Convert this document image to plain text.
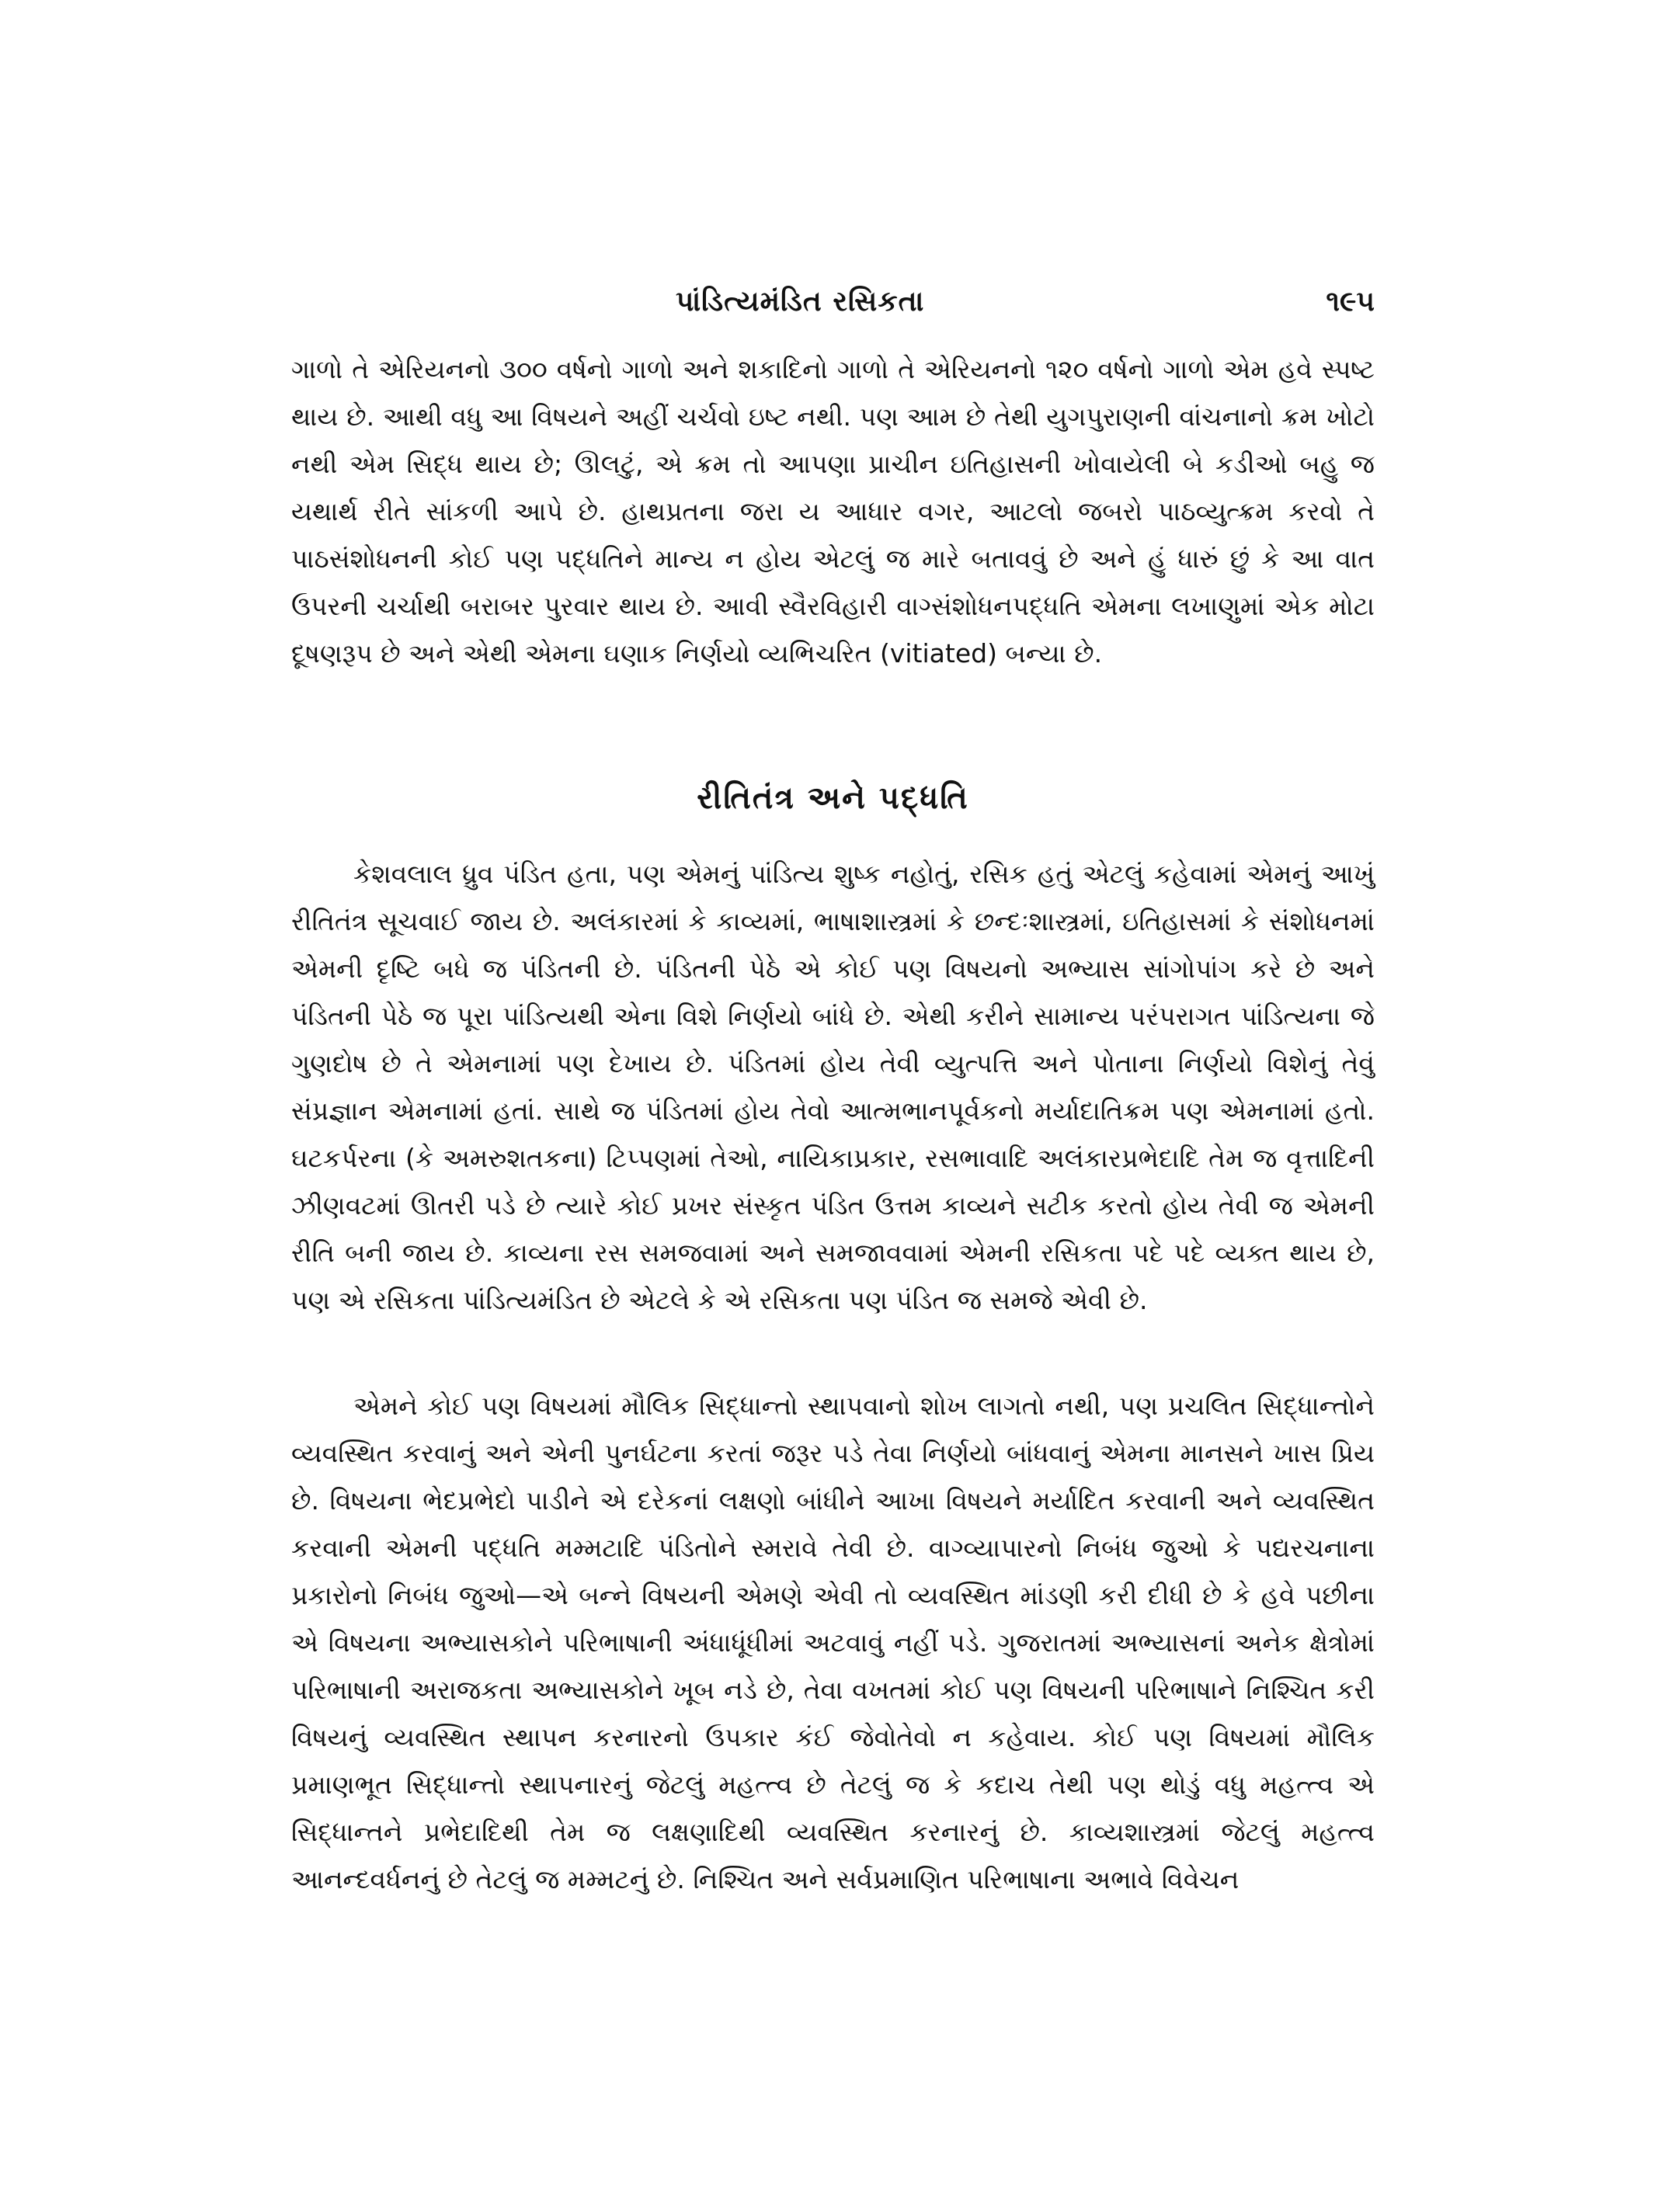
પાંડિત્યમંડિત રસિકતા	૧૯૫

ગાળો તે એરિયનનો ૩૦૦ વર્ષનો ગાળો અને શકાદિનો ગાળો તે એરિયનનો ૧૨૦ વર્ષનો ગાળો એમ હવે સ્પષ્ટ થાય છે. આથી વધુ આ વિષયને અહીં ચર્ચવો ઇષ્ટ નથી. પણ આમ છે તેથી યુગપુરાણની વાંચનાનો ક્રમ ખોટો નથી એમ સિદ્ધ થાય છે; ઊલટું, એ ક્રમ તો આપણા પ્રાચીન ઇતિહાસની ખોવાયેલી બે કડીઓ બહુ જ યથાર્થ રીતે સાંકળી આપે છે. હાથપ્રતના જરા ય આધાર વગર, આટલો જબરો પાઠવ્યુત્ક્રમ કરવો તે પાઠસંશોધનની કોઈ પણ પદ્ધતિને માન્ય ન હોય એટલું જ મારે બતાવવું છે અને હું ધારું છું કે આ વાત ઉપરની ચર્ચાથી બરાબર પુરવાર થાય છે. આવી સ્વૈરવિહારી વાગ્સંશોધનપદ્ધતિ એમના લખાણુમાં એક મોટા દૂષણરૂપ છે અને એથી એમના ઘણાક નિર્ણયો વ્યભિચરિત (vitiated) બન્યા છે.

રીતિતંત્ર અને પદ્ધતિ

કેશવલાલ ધ્રુવ પંડિત હતા, પણ એમનું પાંડિત્ય શુષ્ક નહોતું, રસિક હતું એટલું કહેવામાં એમનું આખું રીતિતંત્ર સૂચવાઈ જાય છે. અલંકારમાં કે કાવ્યમાં, ભાષાશાસ્ત્રમાં કે છન્દઃશાસ્ત્રમાં, ઇતિહાસમાં કે સંશોધનમાં એમની દૃષ્ટિ બધે જ પંડિતની છે. પંડિતની પેઠે એ કોઈ પણ વિષયનો અભ્યાસ સાંગોપાંગ કરે છે અને પંડિતની પેઠે જ પૂરા પાંડિત્યથી એના વિશે નિર્ણયો બાંધે છે. એથી કરીને સામાન્ય પરંપરાગત પાંડિત્યના જે ગુણદોષ છે તે એમનામાં પણ દેખાય છે. પંડિતમાં હોય તેવી વ્યુત્પત્તિ અને પોતાના નિર્ણયો વિશેનું તેવું સંપ્રજ્ઞાન એમનામાં હતાં. સાથે જ પંડિતમાં હોય તેવો આત્મભાનપૂર્વકનો મર્યાદાતિક્રમ પણ એમનામાં હતો. ઘટકર્પરના (કે અમરુશતકના) ટિપ્પણમાં તેઓ, નાયિકાપ્રકાર, રસભાવાદિ અલંકારપ્રભેદાદિ તેમ જ વૃત્તાદિની ઝીણવટમાં ઊતરી પડે છે ત્યારે કોઈ પ્રખર સંસ્કૃત પંડિત ઉત્તમ કાવ્યને સટીક કરતો હોય તેવી જ એમની રીતિ બની જાય છે. કાવ્યના રસ સમજવામાં અને સમજાવવામાં એમની રસિકતા પદે પદે વ્યક્ત થાય છે, પણ એ રસિકતા પાંડિત્યમંડિત છે એટલે કે એ રસિકતા પણ પંડિત જ સમજે એવી છે.

એમને કોઈ પણ વિષયમાં મૌલિક સિદ્ધાન્તો સ્થાપવાનો શોખ લાગતો નથી, પણ પ્રચલિત સિદ્ધાન્તોને વ્યવસ્થિત કરવાનું અને એની પુનર્ઘટના કરતાં જરૂર પડે તેવા નિર્ણયો બાંધવાનું એમના માનસને ખાસ પ્રિય છે. વિષયના ભેદપ્રભેદો પાડીને એ દરેકનાં લક્ષણો બાંધીને આખા વિષયને મર્યાદિત કરવાની અને વ્યવસ્થિત કરવાની એમની પદ્ધતિ મમ્મટાદિ પંડિતોને સ્મરાવે તેવી છે. વાગ્વ્યાપારનો નિબંધ જુઓ કે પદ્યરચનાના પ્રકારોનો નિબંધ જુઓ—એ બન્ને વિષયની એમણે એવી તો વ્યવસ્થિત માંડણી કરી દીધી છે કે હવે પછીના એ વિષયના અભ્યાસકોને પરિભાષાની અંધાધૂંધીમાં અટવાવું નહીં પડે. ગુજરાતમાં અભ્યાસનાં અનેક ક્ષેત્રોમાં પરિભાષાની અરાજકતા અભ્યાસકોને ખૂબ નડે છે, તેવા વખતમાં કોઈ પણ વિષયની પરિભાષાને નિશ્ચિત કરી વિષયનું વ્યવસ્થિત સ્થાપન કરનારનો ઉપકાર કંઈ જેવોતેવો ન કહેવાય. કોઈ પણ વિષયમાં મૌલિક પ્રમાણભૂત સિદ્ધાન્તો સ્થાપનારનું જેટલું મહત્ત્વ છે તેટલું જ કે કદાચ તેથી પણ થોડું વધુ મહત્ત્વ એ સિદ્ધાન્તને પ્રભેદાદિથી તેમ જ લક્ષણાદિથી વ્યવસ્થિત કરનારનું છે. કાવ્યશાસ્ત્રમાં જેટલું મહત્ત્વ આનન્દવર્ધનનું છે તેટલું જ મમ્મટનું છે. નિશ્ચિત અને સર્વપ્રમાણિત પરિભાષાના અભાવે વિવેચન
